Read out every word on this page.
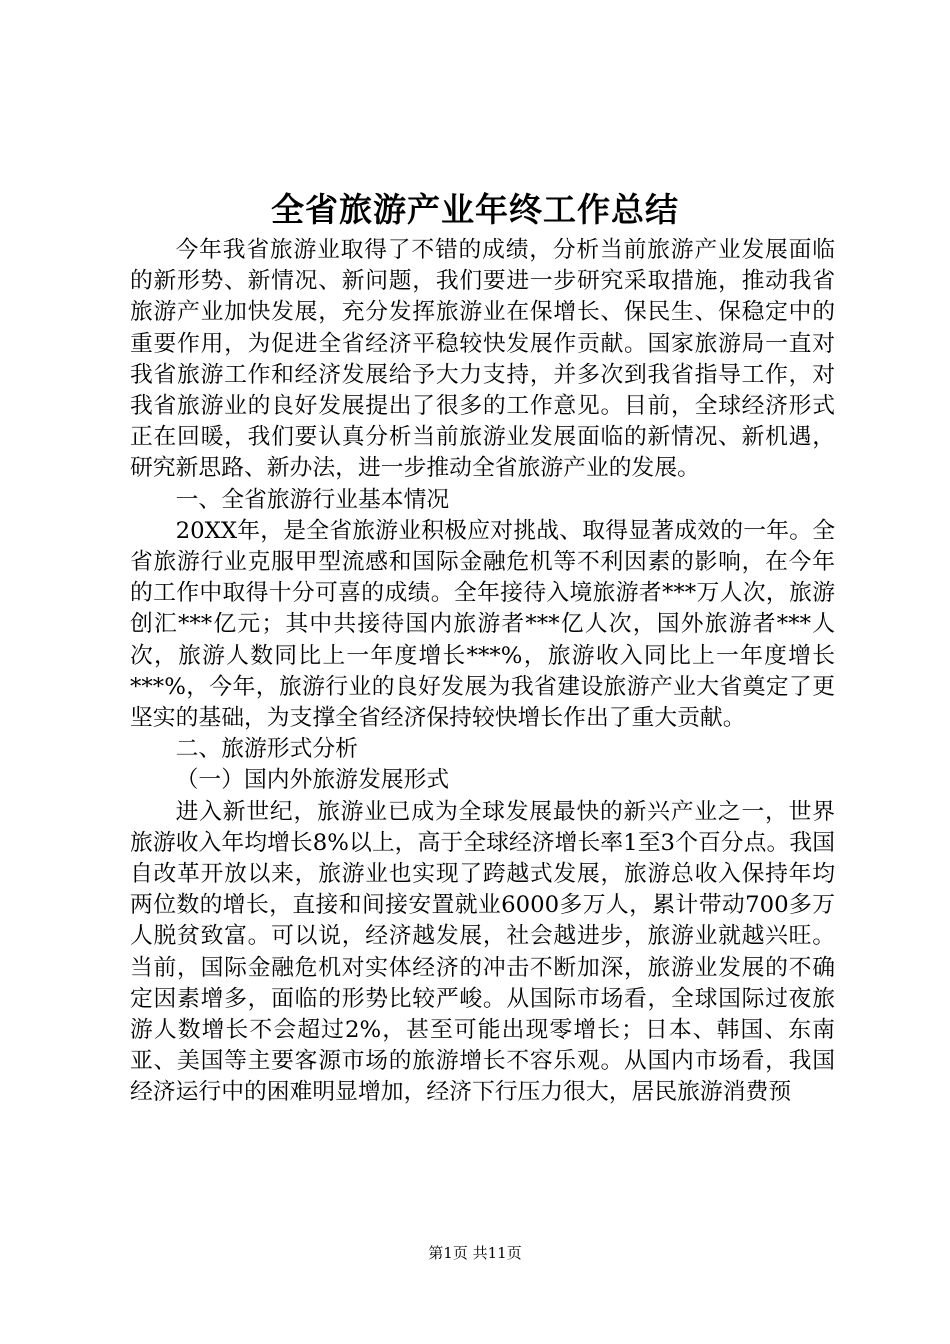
全省旅游产业年终工作总结

今年我省旅游业取得了不错的成绩，分析当前旅游产业发展面临的新形势、新情况、新问题，我们要进一步研究采取措施，推动我省旅游产业加快发展，充分发挥旅游业在保增长、保民生、保稳定中的重要作用，为促进全省经济平稳较快发展作贡献。国家旅游局一直对我省旅游工作和经济发展给予大力支持，并多次到我省指导工作，对我省旅游业的良好发展提出了很多的工作意见。目前，全球经济形式正在回暖，我们要认真分析当前旅游业发展面临的新情况、新机遇，研究新思路、新办法，进一步推动全省旅游产业的发展。

一、全省旅游行业基本情况

20XX年，是全省旅游业积极应对挑战、取得显著成效的一年。全省旅游行业克服甲型流感和国际金融危机等不利因素的影响，在今年的工作中取得十分可喜的成绩。全年接待入境旅游者***万人次，旅游创汇***亿元；其中共接待国内旅游者***亿人次，国外旅游者***人次，旅游人数同比上一年度增长***%，旅游收入同比上一年度增长***%，今年，旅游行业的良好发展为我省建设旅游产业大省奠定了更坚实的基础，为支撑全省经济保持较快增长作出了重大贡献。

二、旅游形式分析

（一）国内外旅游发展形式

进入新世纪，旅游业已成为全球发展最快的新兴产业之一，世界旅游收入年均增长8%以上，高于全球经济增长率1至3个百分点。我国自改革开放以来，旅游业也实现了跨越式发展，旅游总收入保持年均两位数的增长，直接和间接安置就业6000多万人，累计带动700多万人脱贫致富。可以说，经济越发展，社会越进步，旅游业就越兴旺。当前，国际金融危机对实体经济的冲击不断加深，旅游业发展的不确定因素增多，面临的形势比较严峻。从国际市场看，全球国际过夜旅游人数增长不会超过2%，甚至可能出现零增长；日本、韩国、东南亚、美国等主要客源市场的旅游增长不容乐观。从国内市场看，我国经济运行中的困难明显增加，经济下行压力很大，居民旅游消费预

第1页 共11页
